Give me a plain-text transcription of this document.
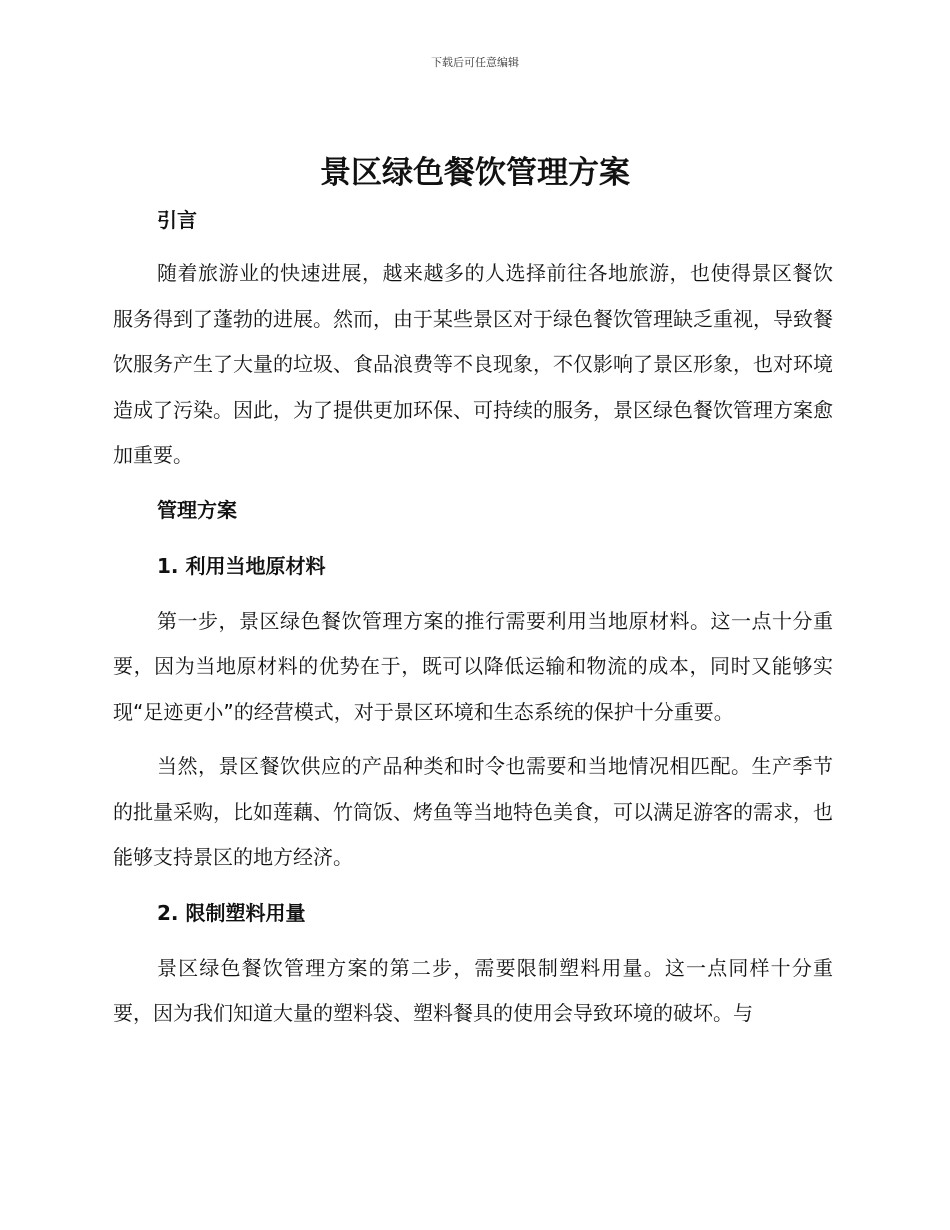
下载后可任意编辑
景区绿色餐饮管理方案
引言

随着旅游业的快速进展，越来越多的人选择前往各地旅游，也使得景区餐饮服务得到了蓬勃的进展。然而，由于某些景区对于绿色餐饮管理缺乏重视，导致餐饮服务产生了大量的垃圾、食品浪费等不良现象，不仅影响了景区形象，也对环境造成了污染。因此，为了提供更加环保、可持续的服务，景区绿色餐饮管理方案愈加重要。

管理方案
1. 利用当地原材料

第一步，景区绿色餐饮管理方案的推行需要利用当地原材料。这一点十分重要，因为当地原材料的优势在于，既可以降低运输和物流的成本，同时又能够实现“足迹更小”的经营模式，对于景区环境和生态系统的保护十分重要。

当然，景区餐饮供应的产品种类和时令也需要和当地情况相匹配。生产季节的批量采购，比如莲藕、竹筒饭、烤鱼等当地特色美食，可以满足游客的需求，也能够支持景区的地方经济。

2. 限制塑料用量

景区绿色餐饮管理方案的第二步，需要限制塑料用量。这一点同样十分重要，因为我们知道大量的塑料袋、塑料餐具的使用会导致环境的破坏。与
